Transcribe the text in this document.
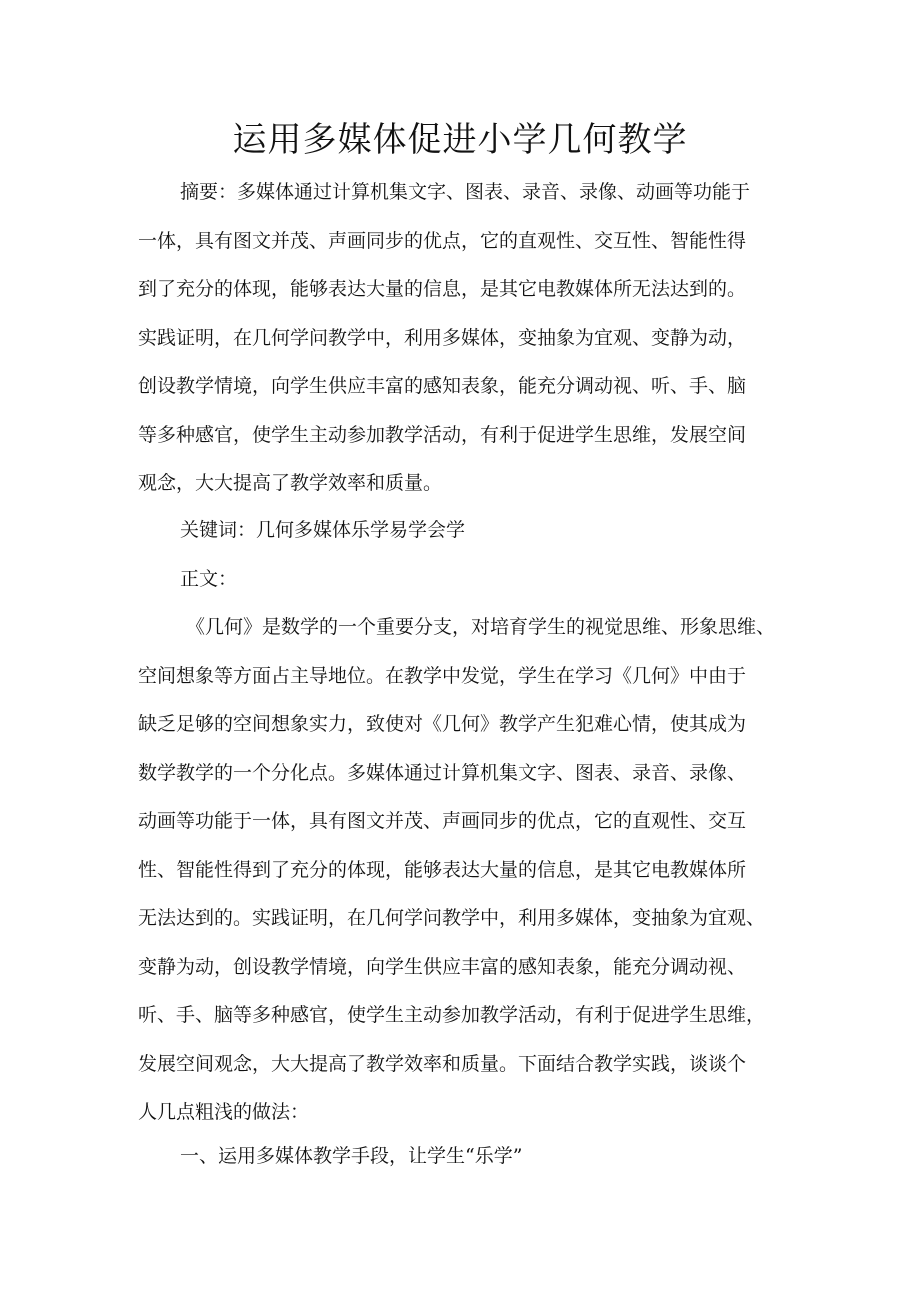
运用多媒体促进小学几何教学
摘要：多媒体通过计算机集文字、图表、录音、录像、动画等功能于
一体，具有图文并茂、声画同步的优点，它的直观性、交互性、智能性得
到了充分的体现，能够表达大量的信息，是其它电教媒体所无法达到的。
实践证明，在几何学问教学中，利用多媒体，变抽象为宜观、变静为动，
创设教学情境，向学生供应丰富的感知表象，能充分调动视、听、手、脑
等多种感官，使学生主动参加教学活动，有利于促进学生思维，发展空间
观念，大大提高了教学效率和质量。
关键词：几何多媒体乐学易学会学
正文：
《几何》是数学的一个重要分支，对培育学生的视觉思维、形象思维、
空间想象等方面占主导地位。在教学中发觉，学生在学习《几何》中由于
缺乏足够的空间想象实力，致使对《几何》教学产生犯难心情，使其成为
数学教学的一个分化点。多媒体通过计算机集文字、图表、录音、录像、
动画等功能于一体，具有图文并茂、声画同步的优点，它的直观性、交互
性、智能性得到了充分的体现，能够表达大量的信息，是其它电教媒体所
无法达到的。实践证明，在几何学问教学中，利用多媒体，变抽象为宜观、
变静为动，创设教学情境，向学生供应丰富的感知表象，能充分调动视、
听、手、脑等多种感官，使学生主动参加教学活动，有利于促进学生思维，
发展空间观念，大大提高了教学效率和质量。下面结合教学实践，谈谈个
人几点粗浅的做法：
一、运用多媒体教学手段，让学生“乐学”
